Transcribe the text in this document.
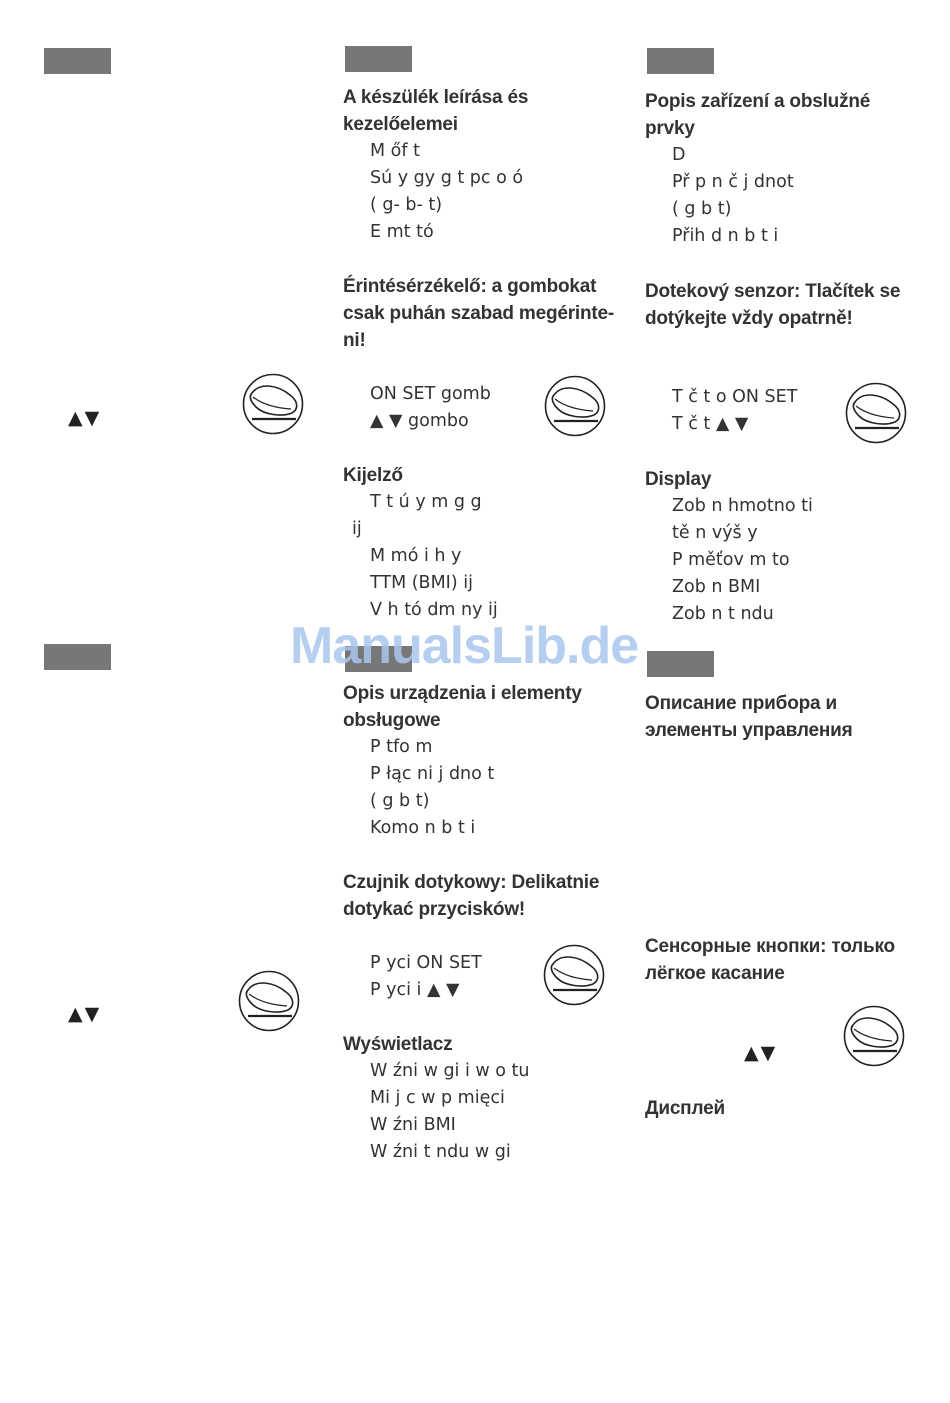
▲▼
▲▼
A készülék leírása és
kezelőelemei
M őf t
Sú y gy g t pc o ó
( g- b- t)
E mt tó
Érintésérzékelő: a gombokat
csak puhán szabad megérinte-
ni!
ON SET gomb
▲ ▼ gombo
Kijelző
T t ú y m g g
ij
M mó i h y
TTM (BMI) ij
V h tó dm ny ij
Opis urządzenia i elementy
obsługowe
P tfo m
P łąc ni j dno t
( g b t)
Komo n b t i
Czujnik dotykowy: Delikatnie
dotykać przycisków!
P yci ON SET
P yci i ▲ ▼
Wyświetlacz
W źni w gi i w o tu
Mi j c w p mięci
W źni BMI
W źni t ndu w gi
Popis zařízení a obslužné
prvky
D
Př p n č j dnot
( g b t)
Přih d n b t i
Dotekový senzor: Tlačítek se
dotýkejte vždy opatrně!
T č t o ON SET
T č t ▲ ▼
Display
Zob n hmotno ti
tě n výš y
P měťov m to
Zob n BMI
Zob n t ndu
Описание прибора и
элементы управления
Сенсорные кнопки: только
лёгкое касание
▲▼
Дисплей
ManualsLib.de
